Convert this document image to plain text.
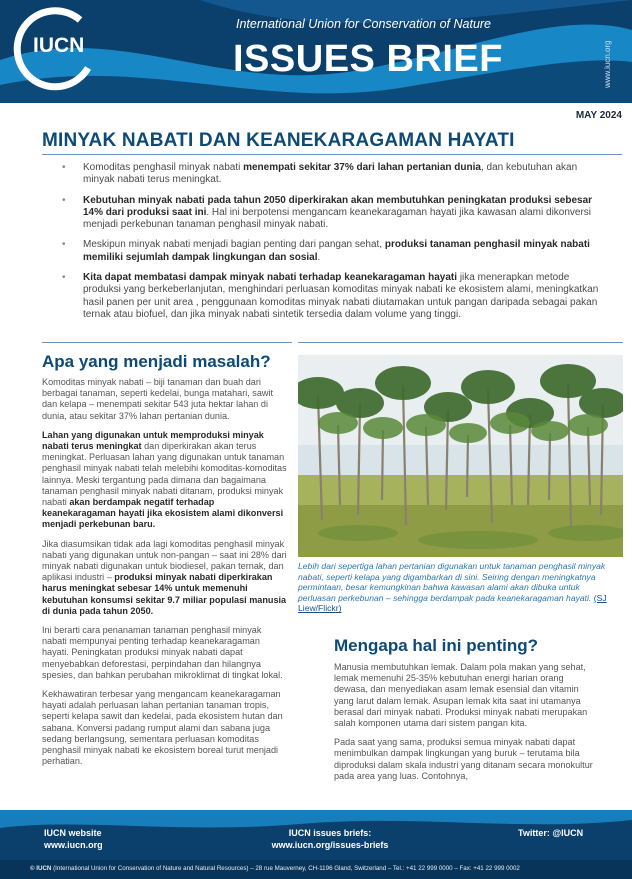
IUCN
International Union for Conservation of Nature
ISSUES BRIEF	www.iucn.org
MAY 2024
MINYAK NABATI DAN KEANEKARAGAMAN HAYATI
• Komoditas penghasil minyak nabati menempati sekitar 37% dari lahan pertanian dunia, dan kebutuhan akan minyak nabati terus meningkat.
• Kebutuhan minyak nabati pada tahun 2050 diperkirakan akan membutuhkan peningkatan produksi sebesar 14% dari produksi saat ini. Hal ini berpotensi mengancam keanekaragaman hayati jika kawasan alami dikonversi menjadi perkebunan tanaman penghasil minyak nabati.
• Meskipun minyak nabati menjadi bagian penting dari pangan sehat, produksi tanaman penghasil minyak nabati memiliki sejumlah dampak lingkungan dan sosial.
• Kita dapat membatasi dampak minyak nabati terhadap keanekaragaman hayati jika menerapkan metode produksi yang berkeberlanjutan, menghindari perluasan komoditas minyak nabati ke ekosistem alami, meningkatkan hasil panen per unit area , penggunaan komoditas minyak nabati diutamakan untuk pangan daripada sebagai pakan ternak atau biofuel, dan jika minyak nabati sintetik tersedia dalam volume yang tinggi.
Apa yang menjadi masalah?

Komoditas minyak nabati – biji tanaman dan buah dari berbagai tanaman, seperti kedelai, bunga matahari, sawit dan kelapa – menempati sekitar 543 juta hektar lahan di dunia, atau sekitar 37% lahan pertanian dunia.

Lahan yang digunakan untuk memproduksi minyak nabati terus meningkat dan diperkirakan akan terus meningkat. Perluasan lahan yang digunakan untuk tanaman penghasil minyak nabati telah melebihi komoditas-komoditas lainnya. Meski tergantung pada dimana dan bagaimana tanaman penghasil minyak nabati ditanam, produksi minyak nabati akan berdampak negatif terhadap keanekaragaman hayati jika ekosistem alami dikonversi menjadi perkebunan baru.

Jika diasumsikan tidak ada lagi komoditas penghasil minyak nabati yang digunakan untuk non-pangan – saat ini 28% dari minyak nabati digunakan untuk biodiesel, pakan ternak, dan aplikasi industri – produksi minyak nabati diperkirakan harus meningkat sebesar 14% untuk memenuhi kebutuhan konsumsi sekitar 9.7 miliar populasi manusia di dunia pada tahun 2050.

Ini berarti cara penanaman tanaman penghasil minyak nabati mempunyai penting terhadap keanekaragaman hayati. Peningkatan produksi minyak nabati dapat menyebabkan deforestasi, perpindahan dan hilangnya spesies, dan bahkan perubahan mikroklimat di tingkat lokal.

Kekhawatiran terbesar yang mengancam keanekaragaman hayati adalah perluasan lahan pertanian tanaman tropis, seperti kelapa sawit dan kedelai, pada ekosistem hutan dan sabana. Konversi padang rumput alami dan sabana juga sedang berlangsung, sementara perluasan komoditas penghasil minyak nabati ke ekosistem boreal turut menjadi perhatian.

Lebih dari sepertiga lahan pertanian digunakan untuk tanaman penghasil minyak nabati, seperti kelapa yang digambarkan di sini. Seiring dengan meningkatnya permintaan, besar kemungkinan bahwa kawasan alami akan dibuka untuk perluasan perkebunan – sehingga berdampak pada keanekaragaman hayati. (SJ Liew/Flickr)
Mengapa hal ini penting?

Manusia membutuhkan lemak. Dalam pola makan yang sehat, lemak memenuhi 25-35% kebutuhan energi harian orang dewasa, dan menyediakan asam lemak esensial dan vitamin yang larut dalam lemak. Asupan lemak kita saat ini utamanya berasal dari minyak nabati. Produksi minyak nabati merupakan salah komponen utama dari sistem pangan kita.

Pada saat yang sama, produksi semua minyak nabati dapat menimbulkan dampak lingkungan yang buruk – terutama bila diproduksi dalam skala industri yang ditanam secara monokultur pada area yang luas. Contohnya,

IUCN website
www.iucn.org
IUCN issues briefs:
www.iucn.org/issues-briefs
Twitter: @IUCN
© IUCN (International Union for Conservation of Nature and Natural Resources) – 28 rue Mauverney, CH-1196 Gland, Switzerland – Tel.: +41 22 999 0000 – Fax: +41 22 999 0002
